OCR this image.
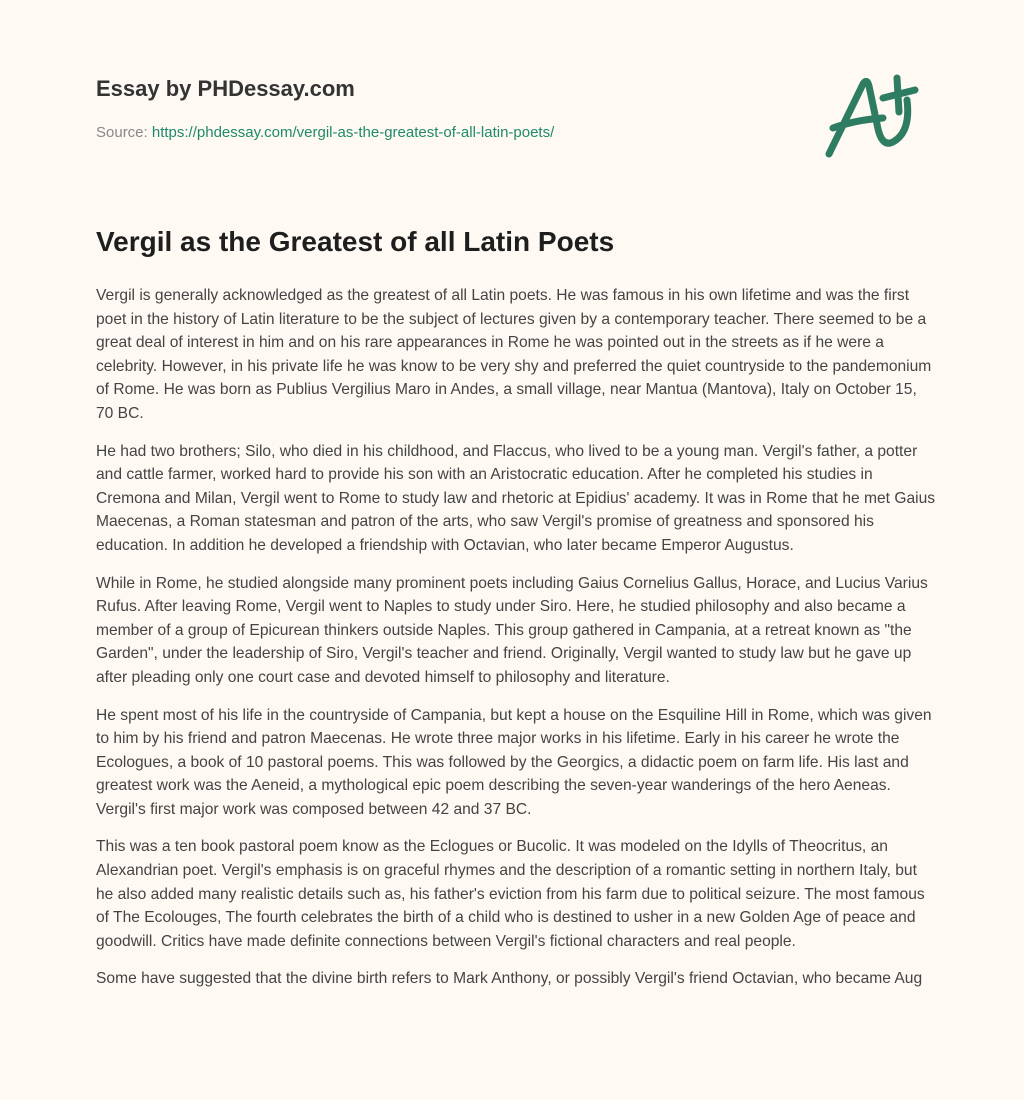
Essay by PHDessay.com
Source: https://phdessay.com/vergil-as-the-greatest-of-all-latin-poets/
Vergil as the Greatest of all Latin Poets

Vergil is generally acknowledged as the greatest of all Latin poets. He was famous in his own lifetime and was the first poet in the history of Latin literature to be the subject of lectures given by a contemporary teacher. There seemed to be a great deal of interest in him and on his rare appearances in Rome he was pointed out in the streets as if he were a celebrity. However, in his private life he was know to be very shy and preferred the quiet countryside to the pandemonium of Rome. He was born as Publius Vergilius Maro in Andes, a small village, near Mantua (Mantova), Italy on October 15, 70 BC.

He had two brothers; Silo, who died in his childhood, and Flaccus, who lived to be a young man. Vergil's father, a potter and cattle farmer, worked hard to provide his son with an Aristocratic education. After he completed his studies in Cremona and Milan, Vergil went to Rome to study law and rhetoric at Epidius' academy. It was in Rome that he met Gaius Maecenas, a Roman statesman and patron of the arts, who saw Vergil's promise of greatness and sponsored his education. In addition he developed a friendship with Octavian, who later became Emperor Augustus.

While in Rome, he studied alongside many prominent poets including Gaius Cornelius Gallus, Horace, and Lucius Varius Rufus. After leaving Rome, Vergil went to Naples to study under Siro. Here, he studied philosophy and also became a member of a group of Epicurean thinkers outside Naples. This group gathered in Campania, at a retreat known as "the Garden", under the leadership of Siro, Vergil's teacher and friend. Originally, Vergil wanted to study law but he gave up after pleading only one court case and devoted himself to philosophy and literature.

He spent most of his life in the countryside of Campania, but kept a house on the Esquiline Hill in Rome, which was given to him by his friend and patron Maecenas. He wrote three major works in his lifetime. Early in his career he wrote the Ecologues, a book of 10 pastoral poems. This was followed by the Georgics, a didactic poem on farm life. His last and greatest work was the Aeneid, a mythological epic poem describing the seven-year wanderings of the hero Aeneas. Vergil's first major work was composed between 42 and 37 BC.

This was a ten book pastoral poem know as the Eclogues or Bucolic. It was modeled on the Idylls of Theocritus, an Alexandrian poet. Vergil's emphasis is on graceful rhymes and the description of a romantic setting in northern Italy, but he also added many realistic details such as, his father's eviction from his farm due to political seizure. The most famous of The Ecolouges, The fourth celebrates the birth of a child who is destined to usher in a new Golden Age of peace and goodwill. Critics have made definite connections between Vergil's fictional characters and real people.

Some have suggested that the divine birth refers to Mark Anthony, or possibly Vergil's friend Octavian, who became Aug
